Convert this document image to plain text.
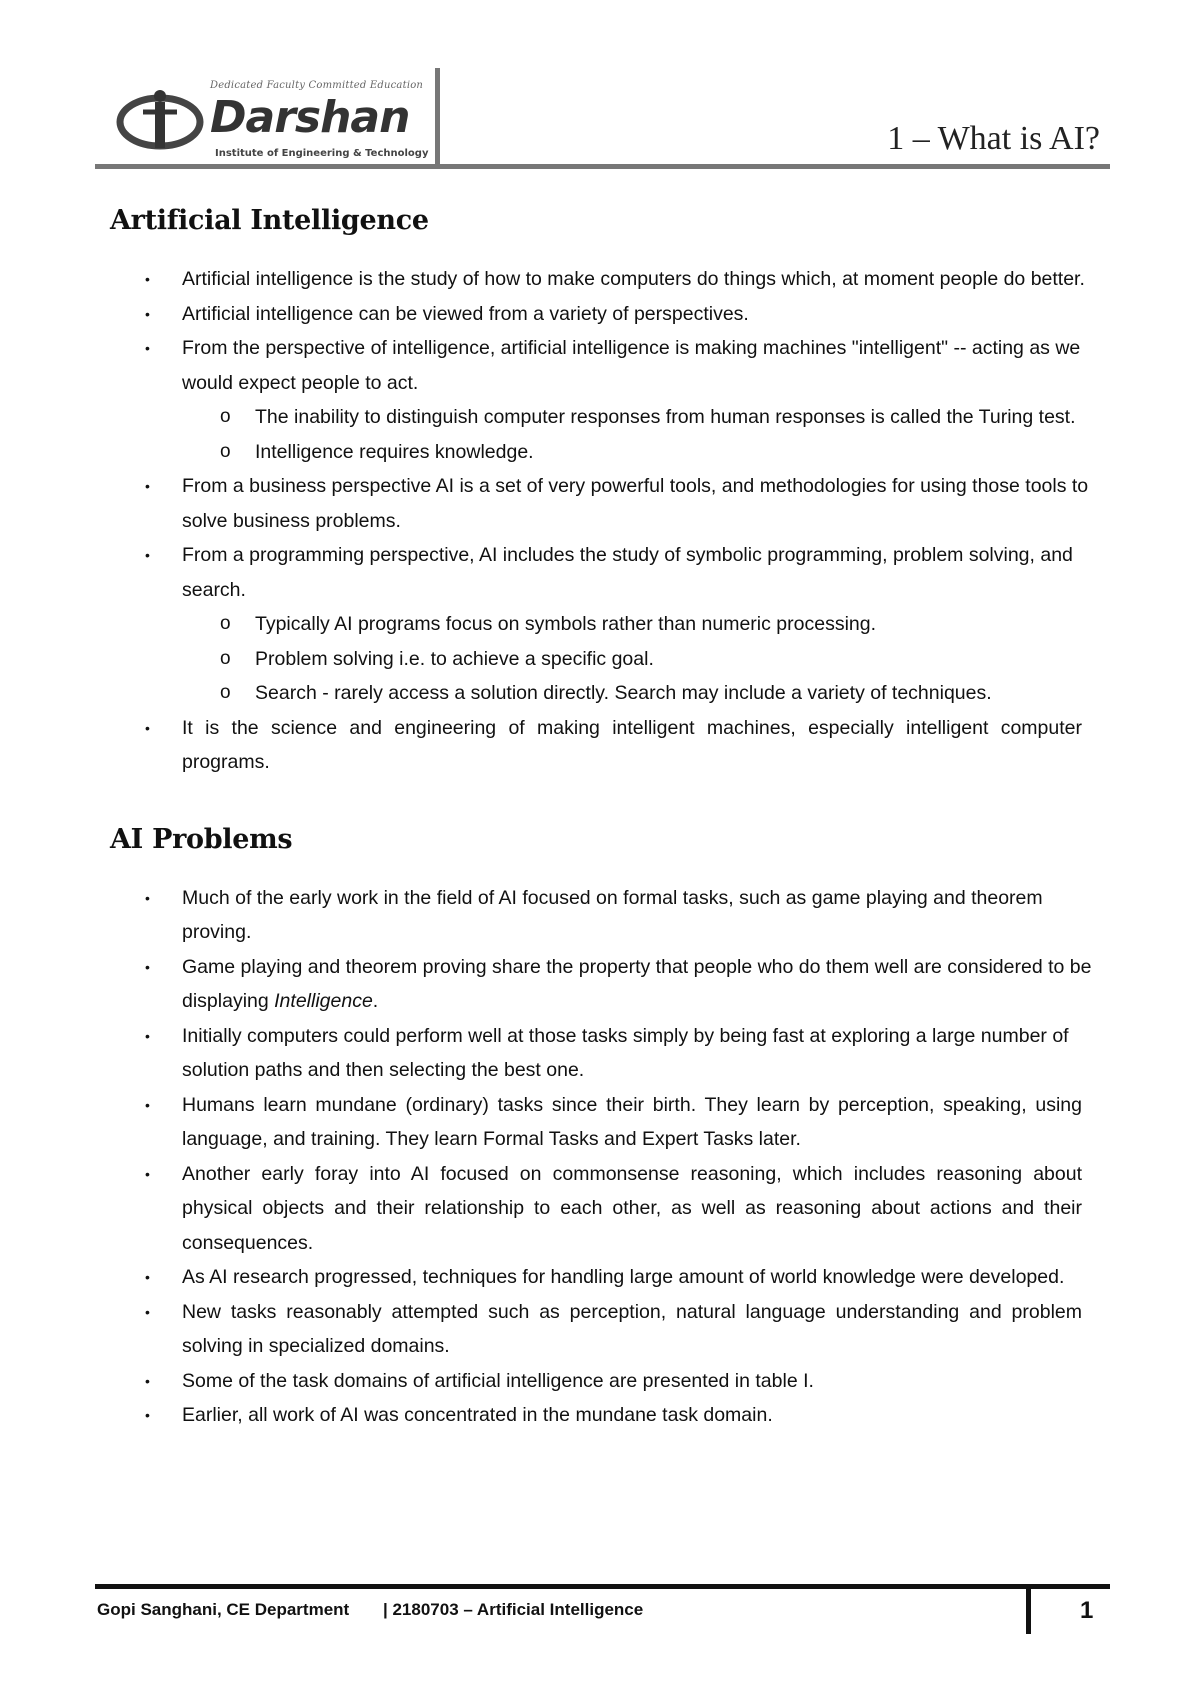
Dedicated Faculty Committed Education
Darshan
Institute of Engineering & Technology	1 – What is AI?
Artificial Intelligence
• Artificial intelligence is the study of how to make computers do things which, at moment people do better.
• Artificial intelligence can be viewed from a variety of perspectives.
• From the perspective of intelligence, artificial intelligence is making machines "intelligent" -- acting as we would expect people to act.
o The inability to distinguish computer responses from human responses is called the Turing test.
o Intelligence requires knowledge.
• From a business perspective AI is a set of very powerful tools, and methodologies for using those tools to solve business problems.
• From a programming perspective, AI includes the study of symbolic programming, problem solving, and search.
o Typically AI programs focus on symbols rather than numeric processing.
o Problem solving i.e. to achieve a specific goal.
o Search - rarely access a solution directly. Search may include a variety of techniques.
• It is the science and engineering of making intelligent machines, especially intelligent computer programs.
AI Problems
• Much of the early work in the field of AI focused on formal tasks, such as game playing and theorem proving.
• Game playing and theorem proving share the property that people who do them well are considered to be displaying Intelligence.
• Initially computers could perform well at those tasks simply by being fast at exploring a large number of solution paths and then selecting the best one.
• Humans learn mundane (ordinary) tasks since their birth. They learn by perception, speaking, using language, and training. They learn Formal Tasks and Expert Tasks later.
• Another early foray into AI focused on commonsense reasoning, which includes reasoning about physical objects and their relationship to each other, as well as reasoning about actions and their consequences.
• As AI research progressed, techniques for handling large amount of world knowledge were developed.
• New tasks reasonably attempted such as perception, natural language understanding and problem solving in specialized domains.
• Some of the task domains of artificial intelligence are presented in table I.
• Earlier, all work of AI was concentrated in the mundane task domain.
Gopi Sanghani, CE Department | 2180703 – Artificial Intelligence	1
